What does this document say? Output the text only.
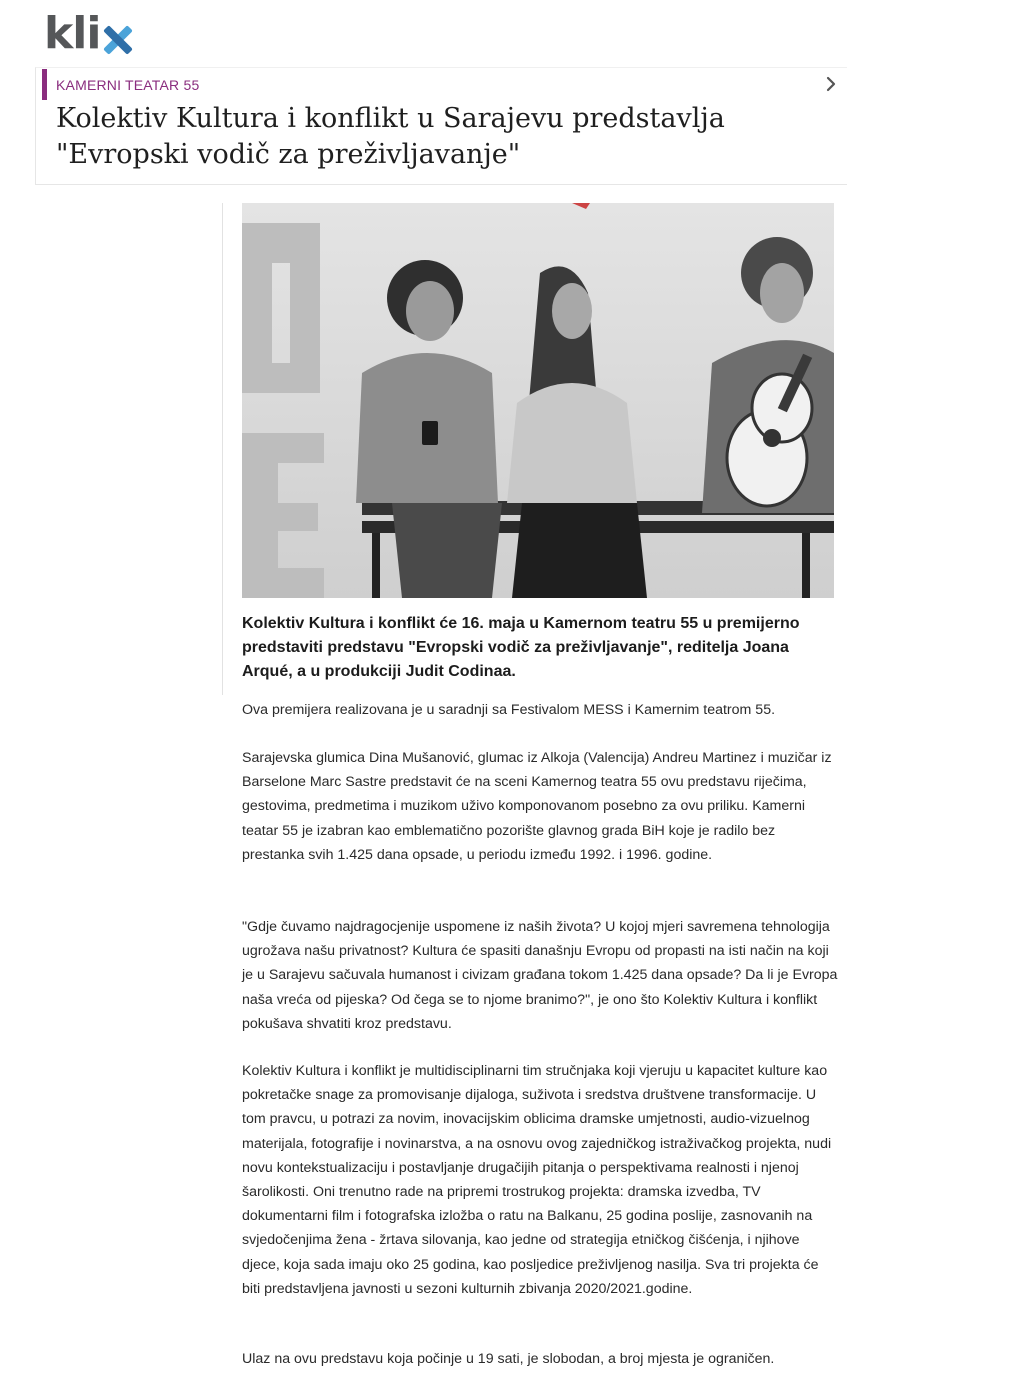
kli
KAMERNI TEATAR 55
Kolektiv Kultura i konflikt u Sarajevu predstavlja "Evropski vodič za preživljavanje"

Kolektiv Kultura i konflikt će 16. maja u Kamernom teatru 55 u premijerno predstaviti predstavu "Evropski vodič za preživljavanje", reditelja Joana Arqué, a u produkciji Judit Codinaa.

Ova premijera realizovana je u saradnji sa Festivalom MESS i Kamernim teatrom 55.

Sarajevska glumica Dina Mušanović, glumac iz Alkoja (Valencija) Andreu Martinez i muzičar iz Barselone Marc Sastre predstavit će na sceni Kamernog teatra 55 ovu predstavu riječima, gestovima, predmetima i muzikom uživo komponovanom posebno za ovu priliku. Kamerni teatar 55 je izabran kao emblematično pozorište glavnog grada BiH koje je radilo bez prestanka svih 1.425 dana opsade, u periodu između 1992. i 1996. godine.

"Gdje čuvamo najdragocjenije uspomene iz naših života? U kojoj mjeri savremena tehnologija ugrožava našu privatnost? Kultura će spasiti današnju Evropu od propasti na isti način na koji je u Sarajevu sačuvala humanost i civizam građana tokom 1.425 dana opsade? Da li je Evropa naša vreća od pijeska? Od čega se to njome branimo?", je ono što Kolektiv Kultura i konflikt pokušava shvatiti kroz predstavu.

Kolektiv Kultura i konflikt je multidisciplinarni tim stručnjaka koji vjeruju u kapacitet kulture kao pokretačke snage za promovisanje dijaloga, suživota i sredstva društvene transformacije. U tom pravcu, u potrazi za novim, inovacijskim oblicima dramske umjetnosti, audio-vizuelnog materijala, fotografije i novinarstva, a na osnovu ovog zajedničkog istraživačkog projekta, nudi novu kontekstualizaciju i postavljanje drugačijih pitanja o perspektivama realnosti i njenoj šarolikosti. Oni trenutno rade na pripremi trostrukog projekta: dramska izvedba, TV dokumentarni film i fotografska izložba o ratu na Balkanu, 25 godina poslije, zasnovanih na svjedočenjima žena - žrtava silovanja, kao jedne od strategija etničkog čišćenja, i njihove djece, koja sada imaju oko 25 godina, kao posljedice preživljenog nasilja. Sva tri projekta će biti predstavljena javnosti u sezoni kulturnih zbivanja 2020/2021.godine.

Ulaz na ovu predstavu koja počinje u 19 sati, je slobodan, a broj mjesta je ograničen.
